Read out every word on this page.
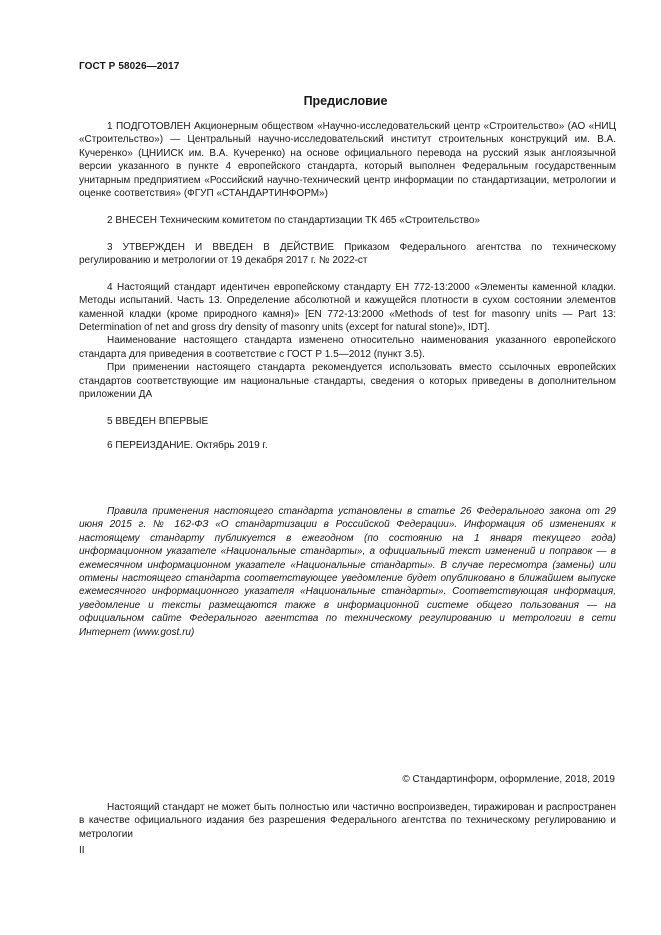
ГОСТ Р 58026—2017
Предисловие

1 ПОДГОТОВЛЕН Акционерным обществом «Научно-исследовательский центр «Строительство» (АО «НИЦ «Строительство») — Центральный научно-исследовательский институт строительных конструкций им. В.А. Кучеренко» (ЦНИИСК им. В.А. Кучеренко) на основе официального перевода на русский язык англоязычной версии указанного в пункте 4 европейского стандарта, который выполнен Федеральным государственным унитарным предприятием «Российский научно-технический центр информации по стандартизации, метрологии и оценке соответствия» (ФГУП «СТАНДАРТИНФОРМ»)

2 ВНЕСЕН Техническим комитетом по стандартизации ТК 465 «Строительство»

3 УТВЕРЖДЕН И ВВЕДЕН В ДЕЙСТВИЕ Приказом Федерального агентства по техническому регулированию и метрологии от 19 декабря 2017 г. № 2022-ст

4 Настоящий стандарт идентичен европейскому стандарту ЕН 772-13:2000 «Элементы каменной кладки. Методы испытаний. Часть 13. Определение абсолютной и кажущейся плотности в сухом состоянии элементов каменной кладки (кроме природного камня)» [EN 772-13:2000 «Methods of test for masonry units — Part 13: Determination of net and gross dry density of masonry units (except for natural stone)», IDT].

Наименование настоящего стандарта изменено относительно наименования указанного европейского стандарта для приведения в соответствие с ГОСТ Р 1.5—2012 (пункт 3.5).

При применении настоящего стандарта рекомендуется использовать вместо ссылочных европейских стандартов соответствующие им национальные стандарты, сведения о которых приведены в дополнительном приложении ДА

5 ВВЕДЕН ВПЕРВЫЕ

6 ПЕРЕИЗДАНИЕ. Октябрь 2019 г.

Правила применения настоящего стандарта установлены в статье 26 Федерального закона от 29 июня 2015 г. № 162-ФЗ «О стандартизации в Российской Федерации». Информация об изменениях к настоящему стандарту публикуется в ежегодном (по состоянию на 1 января текущего года) информационном указателе «Национальные стандарты», а официальный текст изменений и поправок — в ежемесячном информационном указателе «Национальные стандарты». В случае пересмотра (замены) или отмены настоящего стандарта соответствующее уведомление будет опубликовано в ближайшем выпуске ежемесячного информационного указателя «Национальные стандарты». Соответствующая информация, уведомление и тексты размещаются также в информационной системе общего пользования — на официальном сайте Федерального агентства по техническому регулированию и метрологии в сети Интернет (www.gost.ru)

© Стандартинформ, оформление, 2018, 2019

Настоящий стандарт не может быть полностью или частично воспроизведен, тиражирован и распространен в качестве официального издания без разрешения Федерального агентства по техническому регулированию и метрологии

II
